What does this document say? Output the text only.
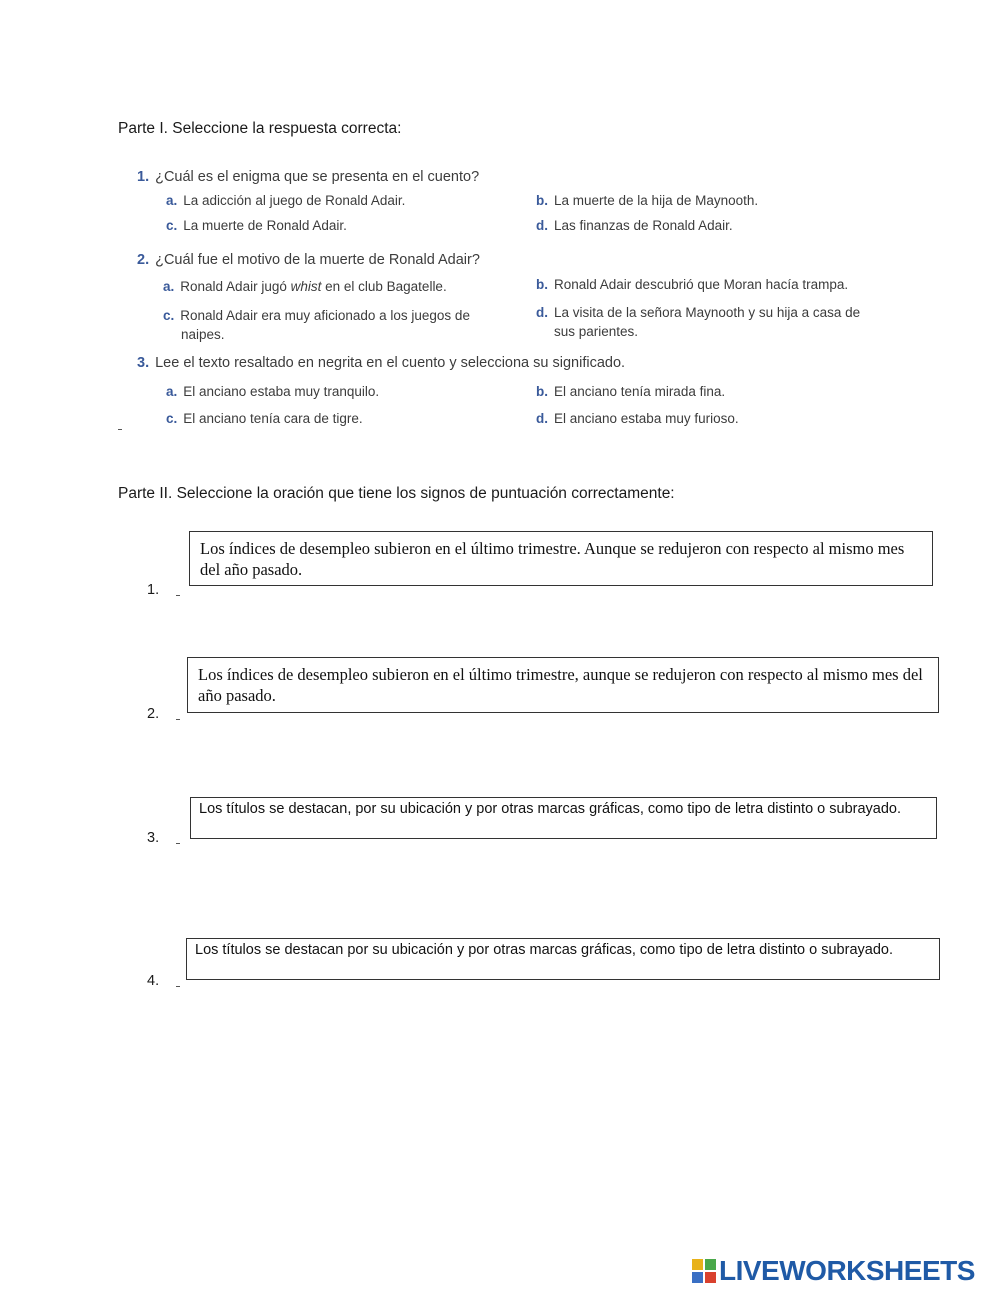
Parte I. Seleccione la respuesta correcta:
1. ¿Cuál es el enigma que se presenta en el cuento?
a. La adicción al juego de Ronald Adair.	b. La muerte de la hija de Maynooth.
c. La muerte de Ronald Adair.	d. Las finanzas de Ronald Adair.
2. ¿Cuál fue el motivo de la muerte de Ronald Adair?
a. Ronald Adair jugó whist en el club Bagatelle.	b. Ronald Adair descubrió que Moran hacía trampa.
c. Ronald Adair era muy aficionado a los juegos de
naipes.
d. La visita de la señora Maynooth y su hija a casa de
sus parientes.
3. Lee el texto resaltado en negrita en el cuento y selecciona su significado.
a. El anciano estaba muy tranquilo.	b. El anciano tenía mirada fina.
c. El anciano tenía cara de tigre.	d. El anciano estaba muy furioso.
Parte II. Seleccione la oración que tiene los signos de puntuación correctamente:
1.
Los índices de desempleo subieron en el último trimestre. Aunque se redujeron con respecto al mismo mes del año pasado.
2.
Los índices de desempleo subieron en el último trimestre, aunque se redujeron con respecto al mismo mes del año pasado.
3.
Los títulos se destacan, por su ubicación y por otras marcas gráficas, como tipo de letra distinto o subrayado.
4.
Los títulos se destacan por su ubicación y por otras marcas gráficas, como tipo de letra distinto o subrayado.
LIVEWORKSHEETS
